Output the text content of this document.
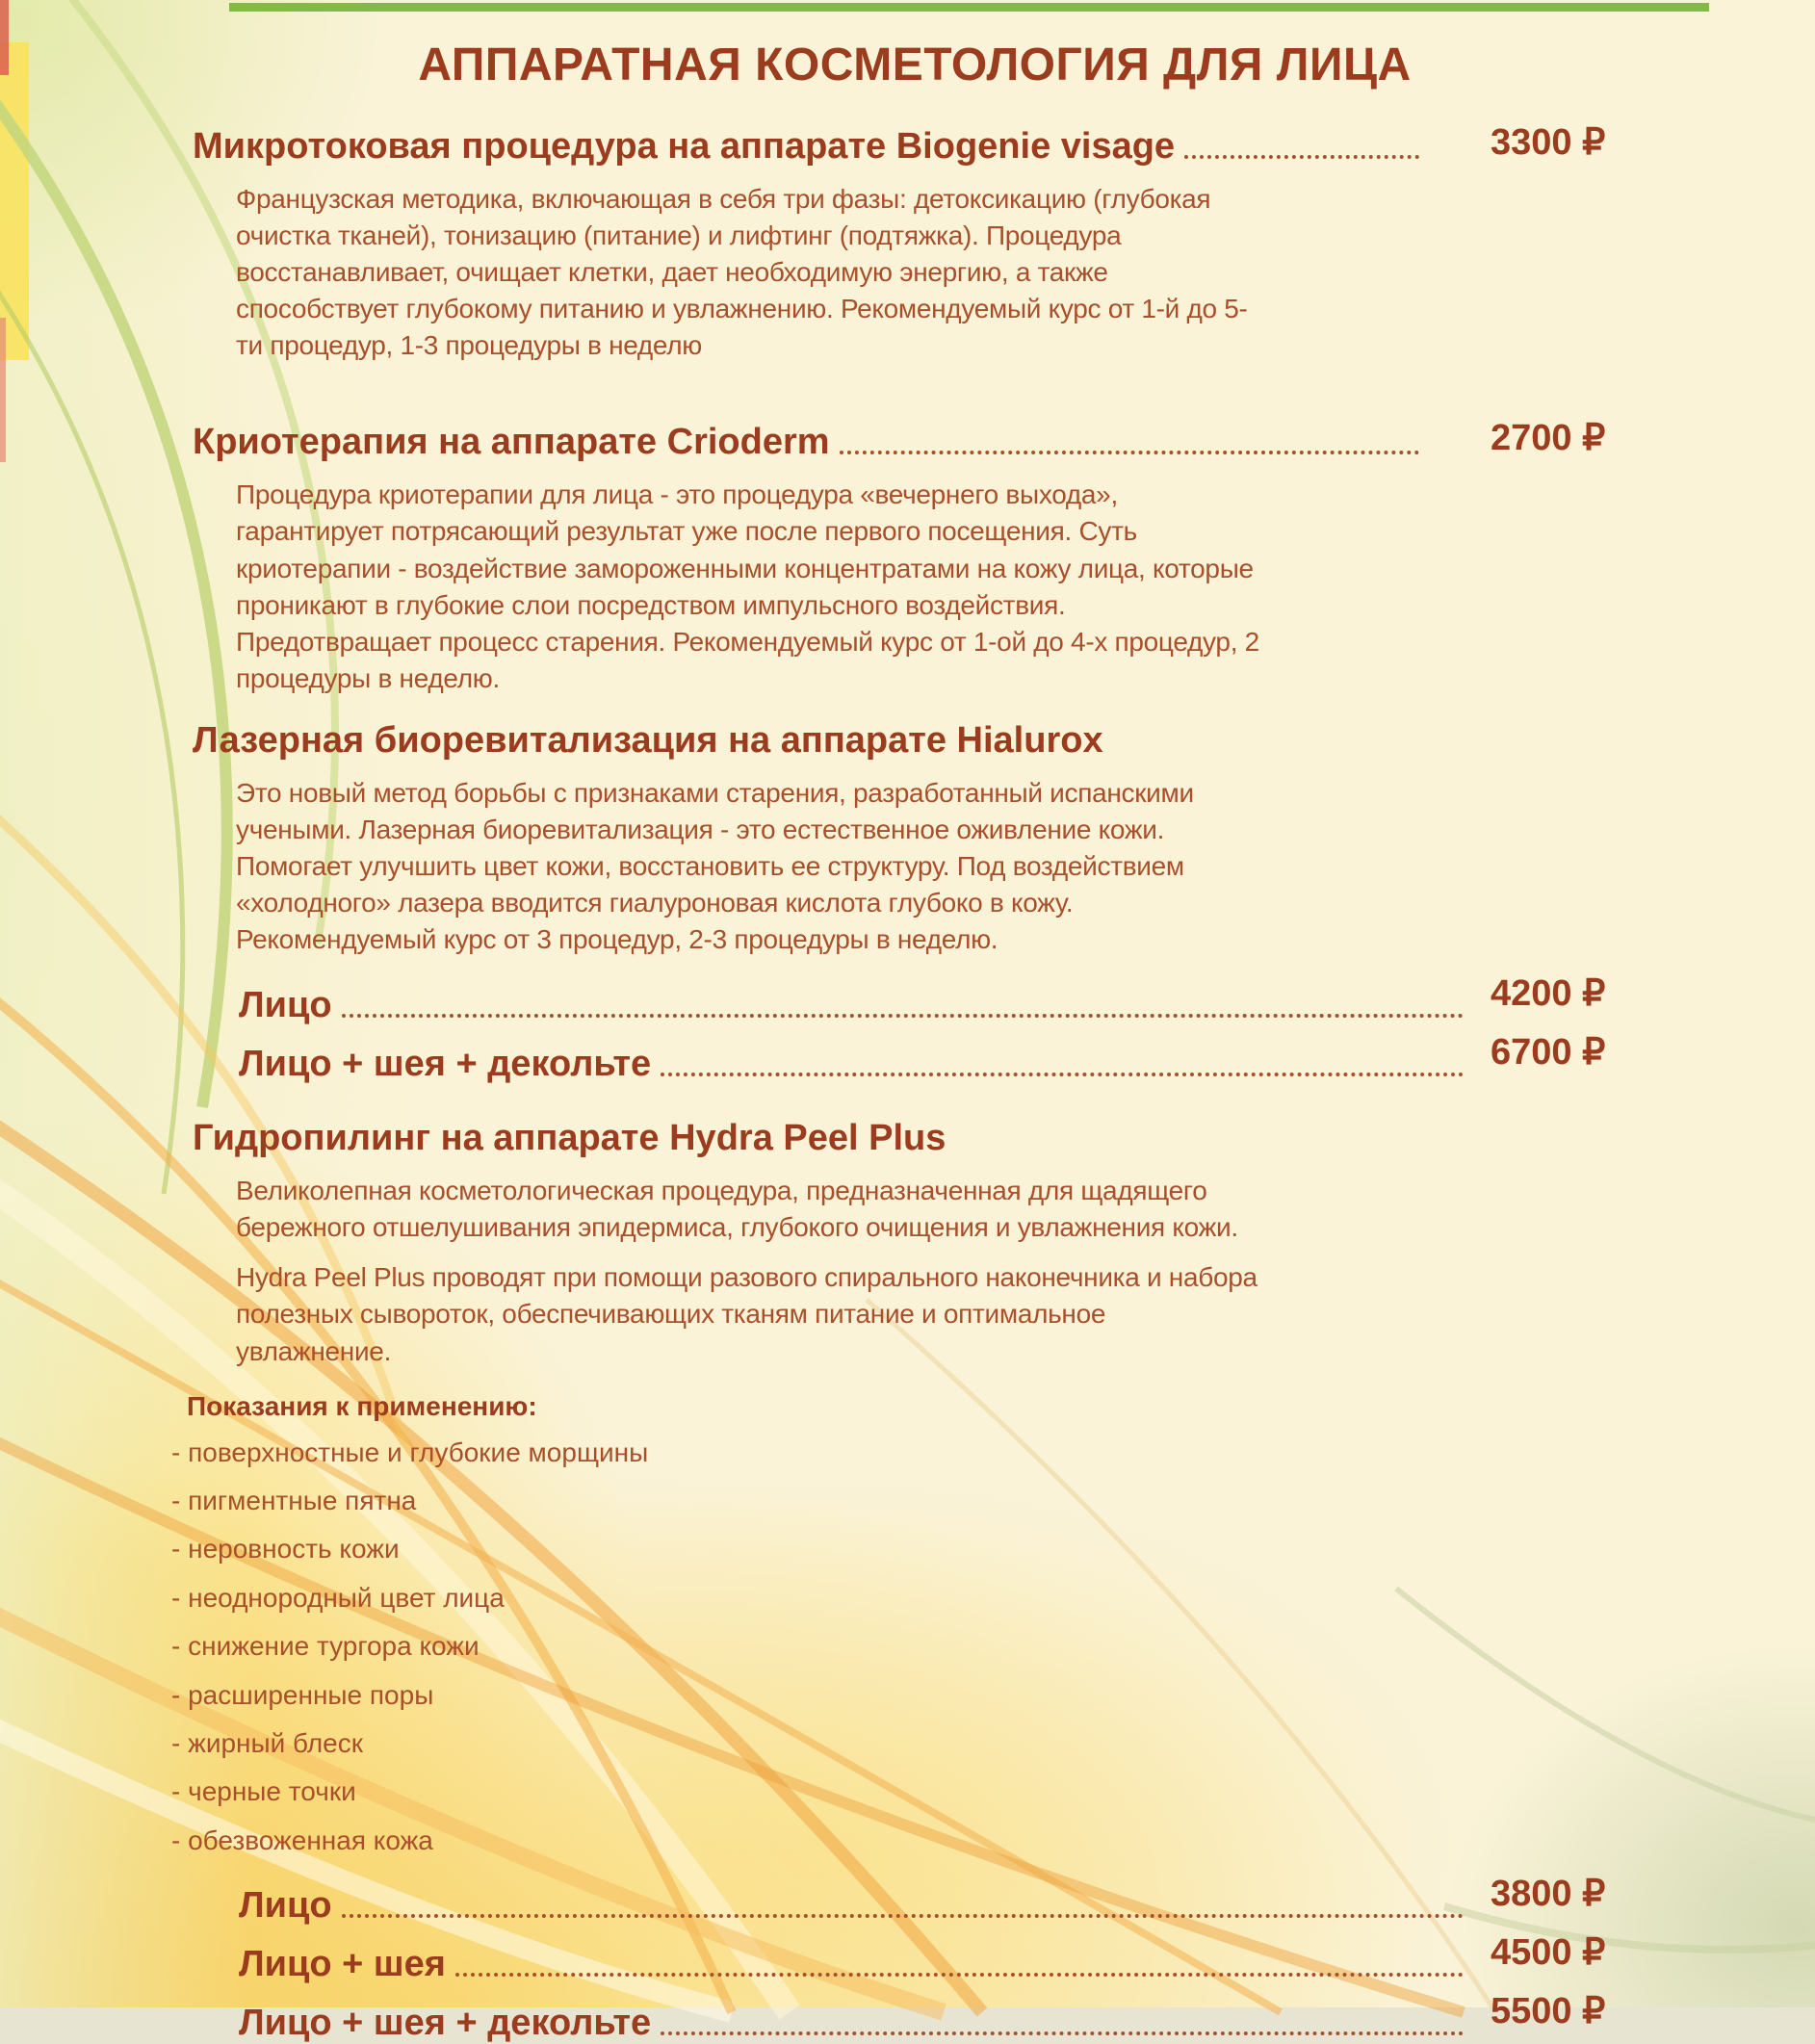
АППАРАТНАЯ КОСМЕТОЛОГИЯ ДЛЯ ЛИЦА
Микротоковая процедура на аппарате Biogenie visage	3300 ₽

Французская методика, включающая в себя три фазы: детоксикацию (глубокая очистка тканей), тонизацию (питание) и лифтинг (подтяжка). Процедура восстанавливает, очищает клетки, дает необходимую энергию, а также способствует глубокому питанию и увлажнению. Рекомендуемый курс от 1-й до 5-ти процедур, 1-3 процедуры в неделю

Криотерапия на аппарате Crioderm	2700 ₽

Процедура криотерапии для лица - это процедура «вечернего выхода», гарантирует потрясающий результат уже после первого посещения. Суть криотерапии - воздействие замороженными концентратами на кожу лица, которые проникают в глубокие слои посредством импульсного воздействия. Предотвращает процесс старения. Рекомендуемый курс от 1-ой до 4-х процедур, 2 процедуры в неделю.

Лазерная биоревитализация на аппарате Hialurox

Это новый метод борьбы с признаками старения, разработанный испанскими учеными. Лазерная биоревитализация - это естественное оживление кожи. Помогает улучшить цвет кожи, восстановить ее структуру. Под воздействием «холодного» лазера вводится гиалуроновая кислота глубоко в кожу. Рекомендуемый курс от 3 процедур, 2-3 процедуры в неделю.

Лицо	4200 ₽
Лицо + шея + декольте	6700 ₽
Гидропилинг на аппарате Hydra Peel Plus

Великолепная косметологическая процедура, предназначенная для щадящего бережного отшелушивания эпидермиса, глубокого очищения и увлажнения кожи.

Hydra Peel Plus проводят при помощи разового спирального наконечника и набора полезных сывороток, обеспечивающих тканям питание и оптимальное увлажнение.

Показания к применению:
- поверхностные и глубокие морщины
- пигментные пятна
- неровность кожи
- неоднородный цвет лица
- снижение тургора кожи
- расширенные поры
- жирный блеск
- черные точки
- обезвоженная кожа
Лицо	3800 ₽
Лицо + шея	4500 ₽
Лицо + шея + декольте	5500 ₽
